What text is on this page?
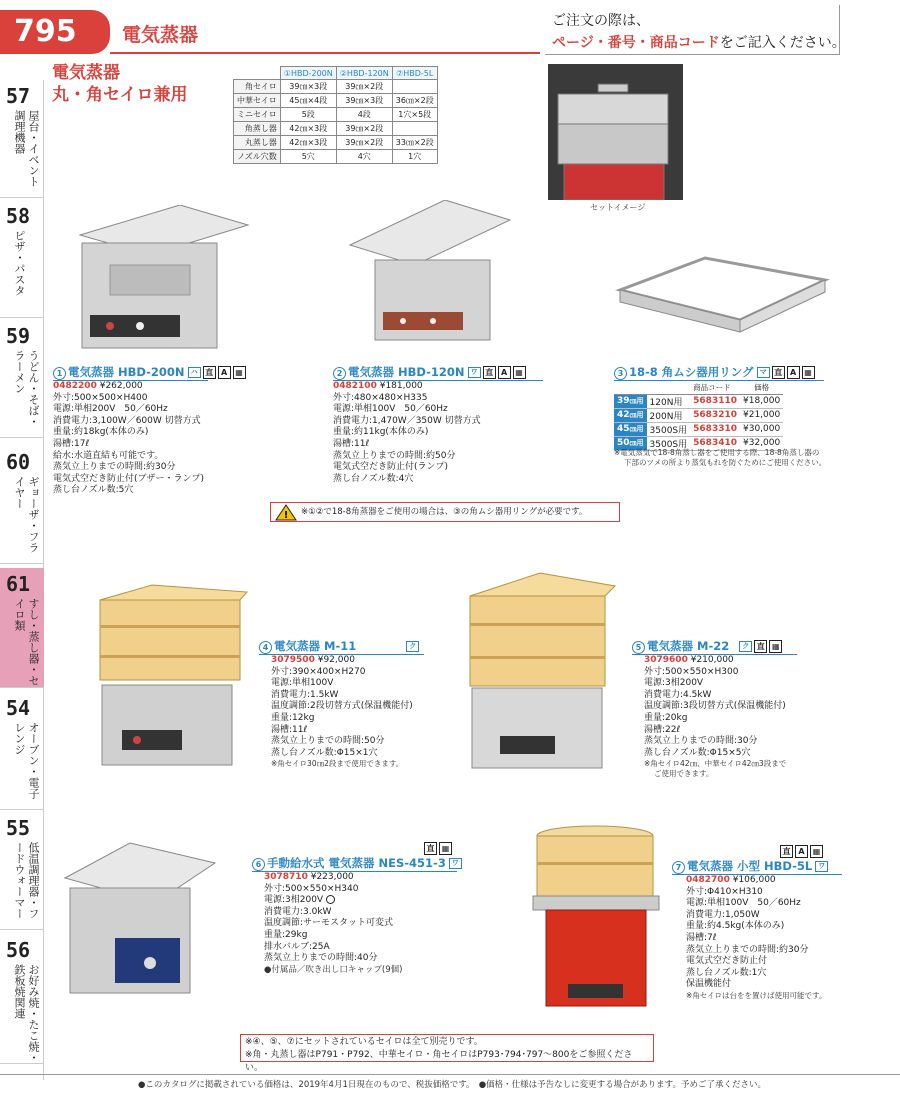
795	電気蒸器
ご注文の際は、
ページ・番号・商品コードをご記入ください。
57
屋台・イベント調理機器
58
ピザ・パスタ
59
うどん・そば・ラーメン
60
ギョーザ・フライヤー
61
すし・蒸し器・セイロ類
54
オーブン・電子レンジ
55
低温調理器・フードウォーマー
56
お好み焼・たこ焼・鉄板焼関連
電気蒸器
丸・角セイロ兼用
	①HBD-200N	②HBD-120N	⑦HBD-5L
角セイロ	39㎝×3段	39㎝×2段	
中華セイロ	45㎝×4段	39㎝×3段	36㎝×2段
ミニセイロ	5段	4段	1穴×5段
角蒸し器	42㎝×3段	39㎝×2段	
丸蒸し器	42㎝×3段	39㎝×2段	33㎝×2段
ノズル穴数	5穴	4穴	1穴
セットイメージ
1 電気蒸器 HBD-200N ハ 直 A ▦
0482200 ¥262,000
外寸:500×500×H400
電源:単相200V　50／60Hz
消費電力:3,100W／600W 切替方式
重量:約18kg(本体のみ)
湯槽:17ℓ
給水:水道直結も可能です。
蒸気立上りまでの時間:約30分
電気式空だき防止付(ブザー・ランプ)
蒸し台ノズル数:5穴
2 電気蒸器 HBD-120N ワ 直 A ▦
0482100 ¥181,000
外寸:480×480×H335
電源:単相100V　50／60Hz
消費電力:1,470W／350W 切替方式
重量:約11kg(本体のみ)
湯槽:11ℓ
蒸気立上りまでの時間:約50分
電気式空だき防止付(ランプ)
蒸し台ノズル数:4穴
3 18-8 角ムシ器用リング マ 直 A ▦
		商品コード	価格
39㎝用	120N用	5683110	¥18,000
42㎝用	200N用	5683210	¥21,000
45㎝用	3500S用	5683310	¥30,000
50㎝用	3500S用	5683410	¥32,000
※電気蒸気で18-8角蒸し器をご使用する際、18-8角蒸し器の
下部のツメの所より蒸気もれを防ぐためにご使用ください。
! ※①②で18-8角蒸器をご使用の場合は、③の角ムシ器用リングが必要です。
4 電気蒸器 M-11	ク
3079500 ¥92,000
外寸:390×400×H270
電源:単相100V
消費電力:1.5kW
温度調節:2段切替方式(保温機能付)
重量:12kg
湯槽:11ℓ
蒸気立上りまでの時間:50分
蒸し台ノズル数:Φ15×1穴
※角セイロ30㎝2段まで使用できます。
5 電気蒸器 M-22 ク 直 ▦
3079600 ¥210,000
外寸:500×550×H300
電源:3相200V
消費電力:4.5kW
温度調節:3段切替方式(保温機能付)
重量:20kg
湯槽:22ℓ
蒸気立上りまでの時間:30分
蒸し台ノズル数:Φ15×5穴
※角セイロ42㎝、中華セイロ42㎝3段まで
ご使用できます。
直 ▦
6 手動給水式 電気蒸器 NES-451-3 ワ
3078710 ¥223,000
外寸:500×550×H340
電源:3相200V
消費電力:3.0kW
温度調節:サーモスタット可変式
重量:29kg
排水バルブ:25A
蒸気立上りまでの時間:40分
●付属品／吹き出し口キャップ(9個)
直 A ▦
7 電気蒸器 小型 HBD-5L ワ
0482700 ¥106,000
外寸:Φ410×H310
電源:単相100V　50／60Hz
消費電力:1,050W
重量:約4.5kg(本体のみ)
湯槽:7ℓ
蒸気立上りまでの時間:約30分
電気式空だき防止付
蒸し台ノズル数:1穴
保温機能付
※角セイロは台をを置けば使用可能です。
※④、⑤、⑦にセットされているセイロは全て別売りです。
※角・丸蒸し器はP791・P792、中華セイロ・角セイロはP793･794･797～800をご参照ください。
●このカタログに掲載されている価格は、2019年4月1日現在のもので、税抜価格です。　●価格・仕様は予告なしに変更する場合があります。予めご了承ください。
